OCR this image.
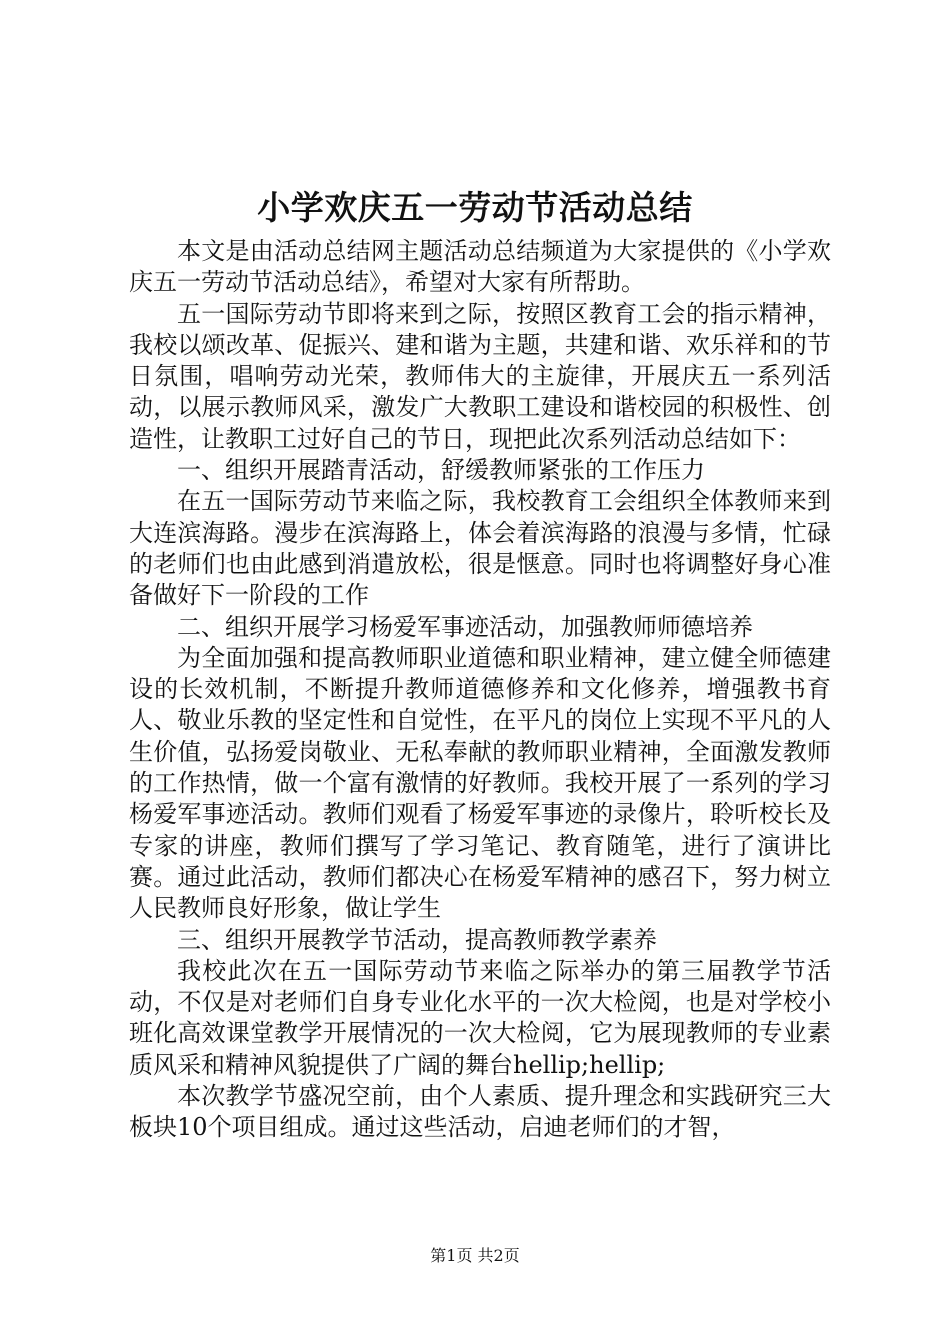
小学欢庆五一劳动节活动总结

本文是由活动总结网主题活动总结频道为大家提供的《小学欢庆五一劳动节活动总结》，希望对大家有所帮助。

五一国际劳动节即将来到之际，按照区教育工会的指示精神，我校以颂改革、促振兴、建和谐为主题，共建和谐、欢乐祥和的节日氛围，唱响劳动光荣，教师伟大的主旋律，开展庆五一系列活动，以展示教师风采，激发广大教职工建设和谐校园的积极性、创造性，让教职工过好自己的节日，现把此次系列活动总结如下：

一、组织开展踏青活动，舒缓教师紧张的工作压力

在五一国际劳动节来临之际，我校教育工会组织全体教师来到大连滨海路。漫步在滨海路上，体会着滨海路的浪漫与多情，忙碌的老师们也由此感到消遣放松，很是惬意。同时也将调整好身心准备做好下一阶段的工作

二、组织开展学习杨爱军事迹活动，加强教师师德培养

为全面加强和提高教师职业道德和职业精神，建立健全师德建设的长效机制，不断提升教师道德修养和文化修养，增强教书育人、敬业乐教的坚定性和自觉性，在平凡的岗位上实现不平凡的人生价值，弘扬爱岗敬业、无私奉献的教师职业精神，全面激发教师的工作热情，做一个富有激情的好教师。我校开展了一系列的学习杨爱军事迹活动。教师们观看了杨爱军事迹的录像片，聆听校长及专家的讲座，教师们撰写了学习笔记、教育随笔，进行了演讲比赛。通过此活动，教师们都决心在杨爱军精神的感召下，努力树立人民教师良好形象，做让学生

三、组织开展教学节活动，提高教师教学素养

我校此次在五一国际劳动节来临之际举办的第三届教学节活动，不仅是对老师们自身专业化水平的一次大检阅，也是对学校小班化高效课堂教学开展情况的一次大检阅，它为展现教师的专业素质风采和精神风貌提供了广阔的舞台hellip;hellip;

本次教学节盛况空前，由个人素质、提升理念和实践研究三大板块10个项目组成。通过这些活动，启迪老师们的才智，

第1页 共2页
